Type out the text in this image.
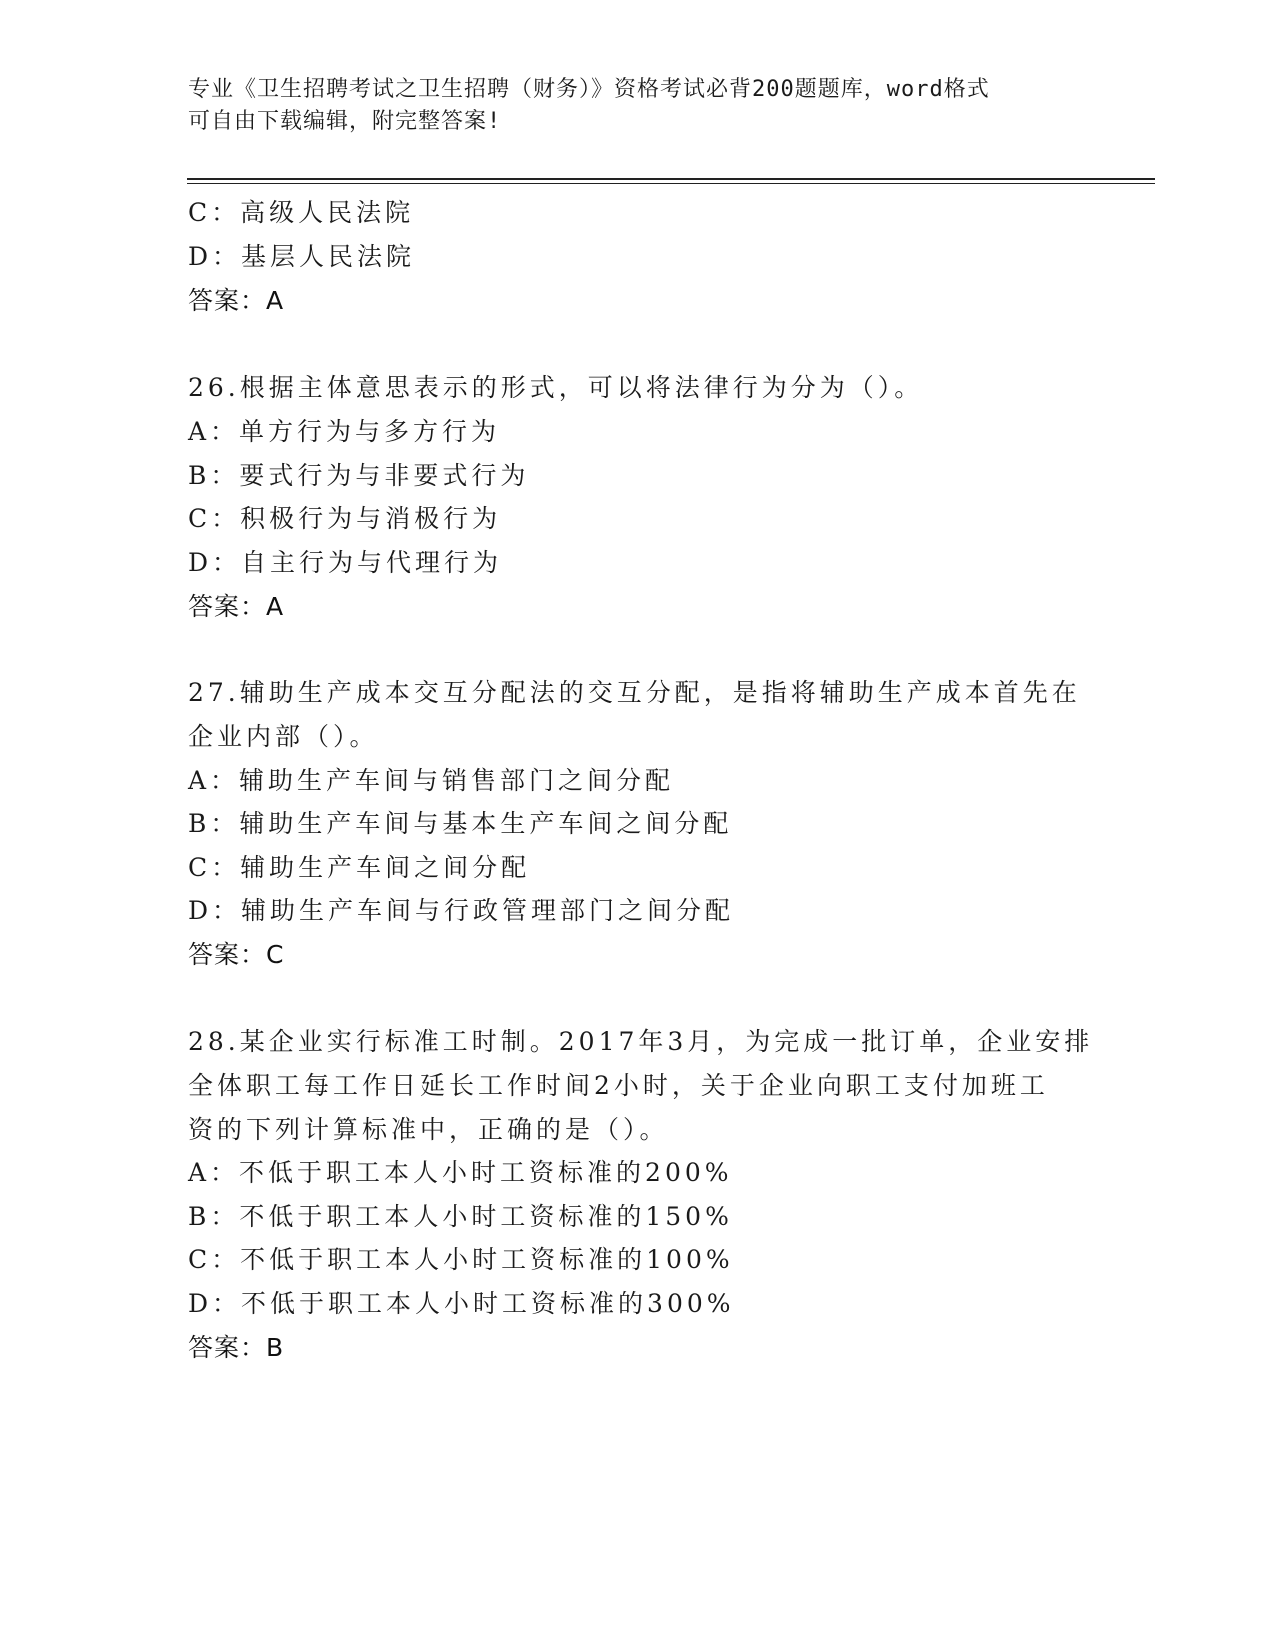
专业《卫生招聘考试之卫生招聘（财务）》资格考试必背200题题库，word格式
可自由下载编辑，附完整答案!
C：高级人民法院
D：基层人民法院
答案：A
26.根据主体意思表示的形式，可以将法律行为分为（）。
A：单方行为与多方行为
B：要式行为与非要式行为
C：积极行为与消极行为
D：自主行为与代理行为
答案：A
27.辅助生产成本交互分配法的交互分配，是指将辅助生产成本首先在
企业内部（）。
A：辅助生产车间与销售部门之间分配
B：辅助生产车间与基本生产车间之间分配
C：辅助生产车间之间分配
D：辅助生产车间与行政管理部门之间分配
答案：C
28.某企业实行标准工时制。2017年3月，为完成一批订单，企业安排
全体职工每工作日延长工作时间2小时，关于企业向职工支付加班工
资的下列计算标准中，正确的是（）。
A：不低于职工本人小时工资标准的200%
B：不低于职工本人小时工资标准的150%
C：不低于职工本人小时工资标准的100%
D：不低于职工本人小时工资标准的300%
答案：B
